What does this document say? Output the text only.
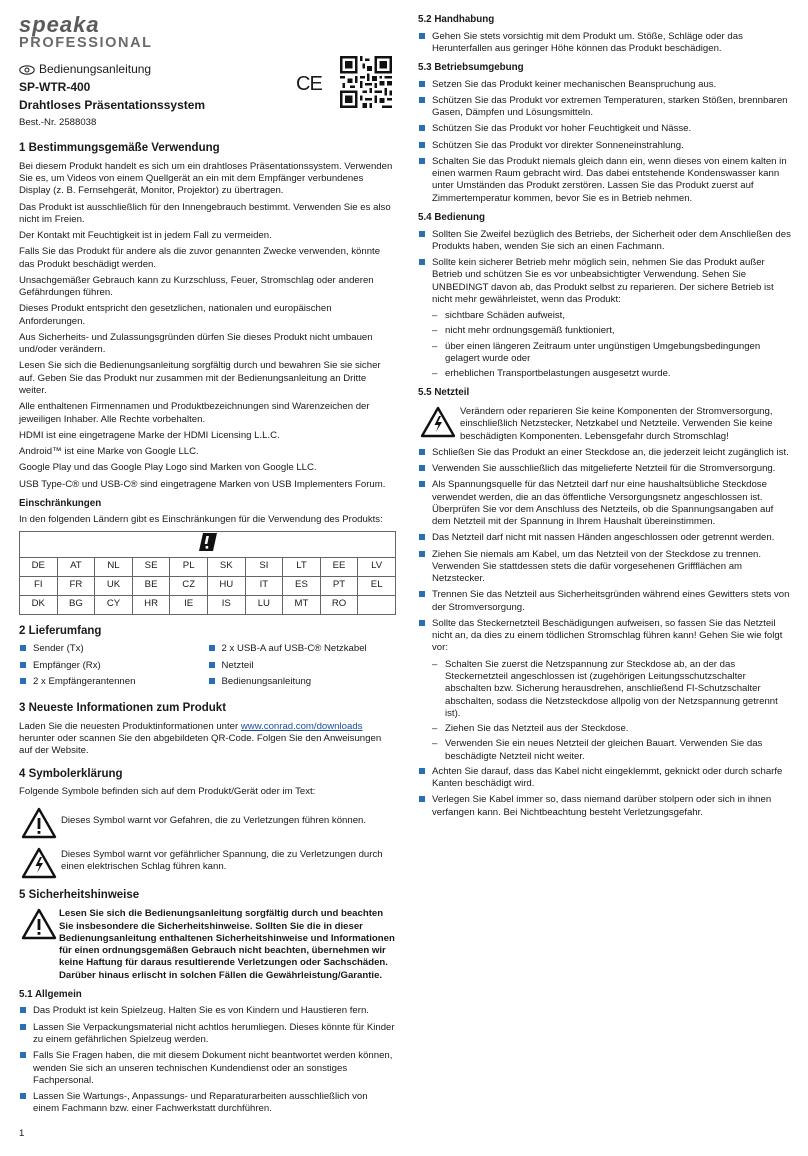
speaka
PROFESSIONAL
Bedienungsanleitung
SP-WTR-400
Drahtloses Präsentationssystem
Best.-Nr. 2588038
CE
1 Bestimmungsgemäße Verwendung

Bei diesem Produkt handelt es sich um ein drahtloses Präsentationssystem. Verwenden Sie es, um Videos von einem Quellgerät an ein mit dem Empfänger verbundenes Display (z. B. Fernsehgerät, Monitor, Projektor) zu übertragen.

Das Produkt ist ausschließlich für den Innengebrauch bestimmt. Verwenden Sie es also nicht im Freien.

Der Kontakt mit Feuchtigkeit ist in jedem Fall zu vermeiden.

Falls Sie das Produkt für andere als die zuvor genannten Zwecke verwenden, könnte das Produkt beschädigt werden.

Unsachgemäßer Gebrauch kann zu Kurzschluss, Feuer, Stromschlag oder anderen Gefährdungen führen.

Dieses Produkt entspricht den gesetzlichen, nationalen und europäischen Anforderungen.

Aus Sicherheits- und Zulassungsgründen dürfen Sie dieses Produkt nicht umbauen und/oder verändern.

Lesen Sie sich die Bedienungsanleitung sorgfältig durch und bewahren Sie sie sicher auf. Geben Sie das Produkt nur zusammen mit der Bedienungsanleitung an Dritte weiter.

Alle enthaltenen Firmennamen und Produktbezeichnungen sind Warenzeichen der jeweiligen Inhaber. Alle Rechte vorbehalten.

HDMI ist eine eingetragene Marke der HDMI Licensing L.L.C.

Android™ ist eine Marke von Google LLC.

Google Play und das Google Play Logo sind Marken von Google LLC.

USB Type-C® und USB-C® sind eingetragene Marken von USB Implementers Forum.

Einschränkungen

In den folgenden Ländern gibt es Einschränkungen für die Verwendung des Produkts:

DE	AT	NL	SE	PL	SK	SI	LT	EE	LV
FI	FR	UK	BE	CZ	HU	IT	ES	PT	EL
DK	BG	CY	HR	IE	IS	LU	MT	RO	
2 Lieferumfang
Sender (Tx)
Empfänger (Rx)
2 x Empfängerantennen
2 x USB-A auf USB-C® Netzkabel
Netzteil
Bedienungsanleitung
3 Neueste Informationen zum Produkt

Laden Sie die neuesten Produktinformationen unter www.conrad.com/downloads herunter oder scannen Sie den abgebildeten QR-Code. Folgen Sie den Anweisungen auf der Website.

4 Symbolerklärung

Folgende Symbole befinden sich auf dem Produkt/Gerät oder im Text:

Dieses Symbol warnt vor Gefahren, die zu Verletzungen führen können.
Dieses Symbol warnt vor gefährlicher Spannung, die zu Verletzungen durch einen elektrischen Schlag führen kann.
5 Sicherheitshinweise
Lesen Sie sich die Bedienungsanleitung sorgfältig durch und beachten Sie insbesondere die Sicherheitshinweise. Sollten Sie die in dieser Bedienungsanleitung enthaltenen Sicherheitshinweise und Informationen für einen ordnungsgemäßen Gebrauch nicht beachten, übernehmen wir keine Haftung für daraus resultierende Verletzungen oder Sachschäden. Darüber hinaus erlischt in solchen Fällen die Gewährleistung/Garantie.
5.1 Allgemein
Das Produkt ist kein Spielzeug. Halten Sie es von Kindern und Haustieren fern.
Lassen Sie Verpackungsmaterial nicht achtlos herumliegen. Dieses könnte für Kinder zu einem gefährlichen Spielzeug werden.
Falls Sie Fragen haben, die mit diesem Dokument nicht beantwortet werden können, wenden Sie sich an unseren technischen Kundendienst oder an sonstiges Fachpersonal.
Lassen Sie Wartungs-, Anpassungs- und Reparaturarbeiten ausschließlich von einem Fachmann bzw. einer Fachwerkstatt durchführen.
5.2 Handhabung
Gehen Sie stets vorsichtig mit dem Produkt um. Stöße, Schläge oder das Herunterfallen aus geringer Höhe können das Produkt beschädigen.
5.3 Betriebsumgebung
Setzen Sie das Produkt keiner mechanischen Beanspruchung aus.
Schützen Sie das Produkt vor extremen Temperaturen, starken Stößen, brennbaren Gasen, Dämpfen und Lösungsmitteln.
Schützen Sie das Produkt vor hoher Feuchtigkeit und Nässe.
Schützen Sie das Produkt vor direkter Sonneneinstrahlung.
Schalten Sie das Produkt niemals gleich dann ein, wenn dieses von einem kalten in einen warmen Raum gebracht wird. Das dabei entstehende Kondenswasser kann unter Umständen das Produkt zerstören. Lassen Sie das Produkt zuerst auf Zimmertemperatur kommen, bevor Sie es in Betrieb nehmen.
5.4 Bedienung
Sollten Sie Zweifel bezüglich des Betriebs, der Sicherheit oder dem Anschließen des Produkts haben, wenden Sie sich an einen Fachmann.
Sollte kein sicherer Betrieb mehr möglich sein, nehmen Sie das Produkt außer Betrieb und schützen Sie es vor unbeabsichtigter Verwendung. Sehen Sie UNBEDINGT davon ab, das Produkt selbst zu reparieren. Der sichere Betrieb ist nicht mehr gewährleistet, wenn das Produkt:
– sichtbare Schäden aufweist,
– nicht mehr ordnungsgemäß funktioniert,
– über einen längeren Zeitraum unter ungünstigen Umgebungsbedingungen gelagert wurde oder
– erheblichen Transportbelastungen ausgesetzt wurde.
5.5 Netzteil
Verändern oder reparieren Sie keine Komponenten der Stromversorgung, einschließlich Netzstecker, Netzkabel und Netzteile. Verwenden Sie keine beschädigten Komponenten. Lebensgefahr durch Stromschlag!
Schließen Sie das Produkt an einer Steckdose an, die jederzeit leicht zugänglich ist.
Verwenden Sie ausschließlich das mitgelieferte Netzteil für die Stromversorgung.
Als Spannungsquelle für das Netzteil darf nur eine haushaltsübliche Steckdose verwendet werden, die an das öffentliche Versorgungsnetz angeschlossen ist. Überprüfen Sie vor dem Anschluss des Netzteils, ob die Spannungsangaben auf dem Netzteil mit der Spannung in Ihrem Haushalt übereinstimmen.
Das Netzteil darf nicht mit nassen Händen angeschlossen oder getrennt werden.
Ziehen Sie niemals am Kabel, um das Netzteil von der Steckdose zu trennen. Verwenden Sie stattdessen stets die dafür vorgesehenen Griffflächen am Netzstecker.
Trennen Sie das Netzteil aus Sicherheitsgründen während eines Gewitters stets von der Stromversorgung.
Sollte das Steckernetzteil Beschädigungen aufweisen, so fassen Sie das Netzteil nicht an, da dies zu einem tödlichen Stromschlag führen kann! Gehen Sie wie folgt vor:
– Schalten Sie zuerst die Netzspannung zur Steckdose ab, an der das Steckernetzteil angeschlossen ist (zugehörigen Leitungsschutzschalter abschalten bzw. Sicherung herausdrehen, anschließend FI-Schutzschalter abschalten, sodass die Netzsteckdose allpolig von der Netzspannung getrennt ist).
– Ziehen Sie das Netzteil aus der Steckdose.
– Verwenden Sie ein neues Netzteil der gleichen Bauart. Verwenden Sie das beschädigte Netzteil nicht weiter.
Achten Sie darauf, dass das Kabel nicht eingeklemmt, geknickt oder durch scharfe Kanten beschädigt wird.
Verlegen Sie Kabel immer so, dass niemand darüber stolpern oder sich in ihnen verfangen kann. Bei Nichtbeachtung besteht Verletzungsgefahr.
1
